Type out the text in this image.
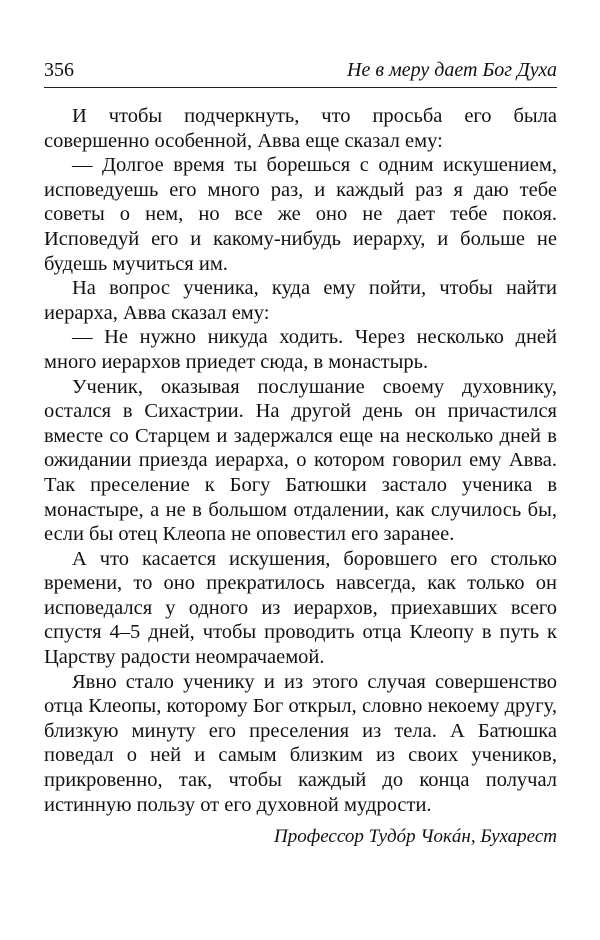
356	Не в меру дает Бог Духа

И чтобы подчеркнуть, что просьба его была совершенно особенной, Авва еще сказал ему:

— Долгое время ты борешься с одним искушением, исповедуешь его много раз, и каждый раз я даю тебе советы о нем, но все же оно не дает тебе покоя. Исповедуй его и какому-нибудь иерарху, и больше не будешь мучиться им.

На вопрос ученика, куда ему пойти, чтобы найти иерарха, Авва сказал ему:

— Не нужно никуда ходить. Через несколько дней много иерархов приедет сюда, в монастырь.

Ученик, оказывая послушание своему духовнику, остался в Сихастрии. На другой день он причастился вместе со Старцем и задержался еще на несколько дней в ожидании приезда иерарха, о котором говорил ему Авва. Так преселение к Богу Батюшки застало ученика в монастыре, а не в большом отдалении, как случилось бы, если бы отец Клеопа не оповестил его заранее.

А что касается искушения, боровшего его столько времени, то оно прекратилось навсегда, как только он исповедался у одного из иерархов, приехавших всего спустя 4–5 дней, чтобы проводить отца Клеопу в путь к Царству радости неомрачаемой.

Явно стало ученику и из этого случая совершенство отца Клеопы, которому Бог открыл, словно некоему другу, близкую минуту его преселения из тела. А Батюшка поведал о ней и самым близким из своих учеников, прикровенно, так, чтобы каждый до конца получал истинную пользу от его духовной мудрости.

Профессор Тудóр Чокáн, Бухарест
